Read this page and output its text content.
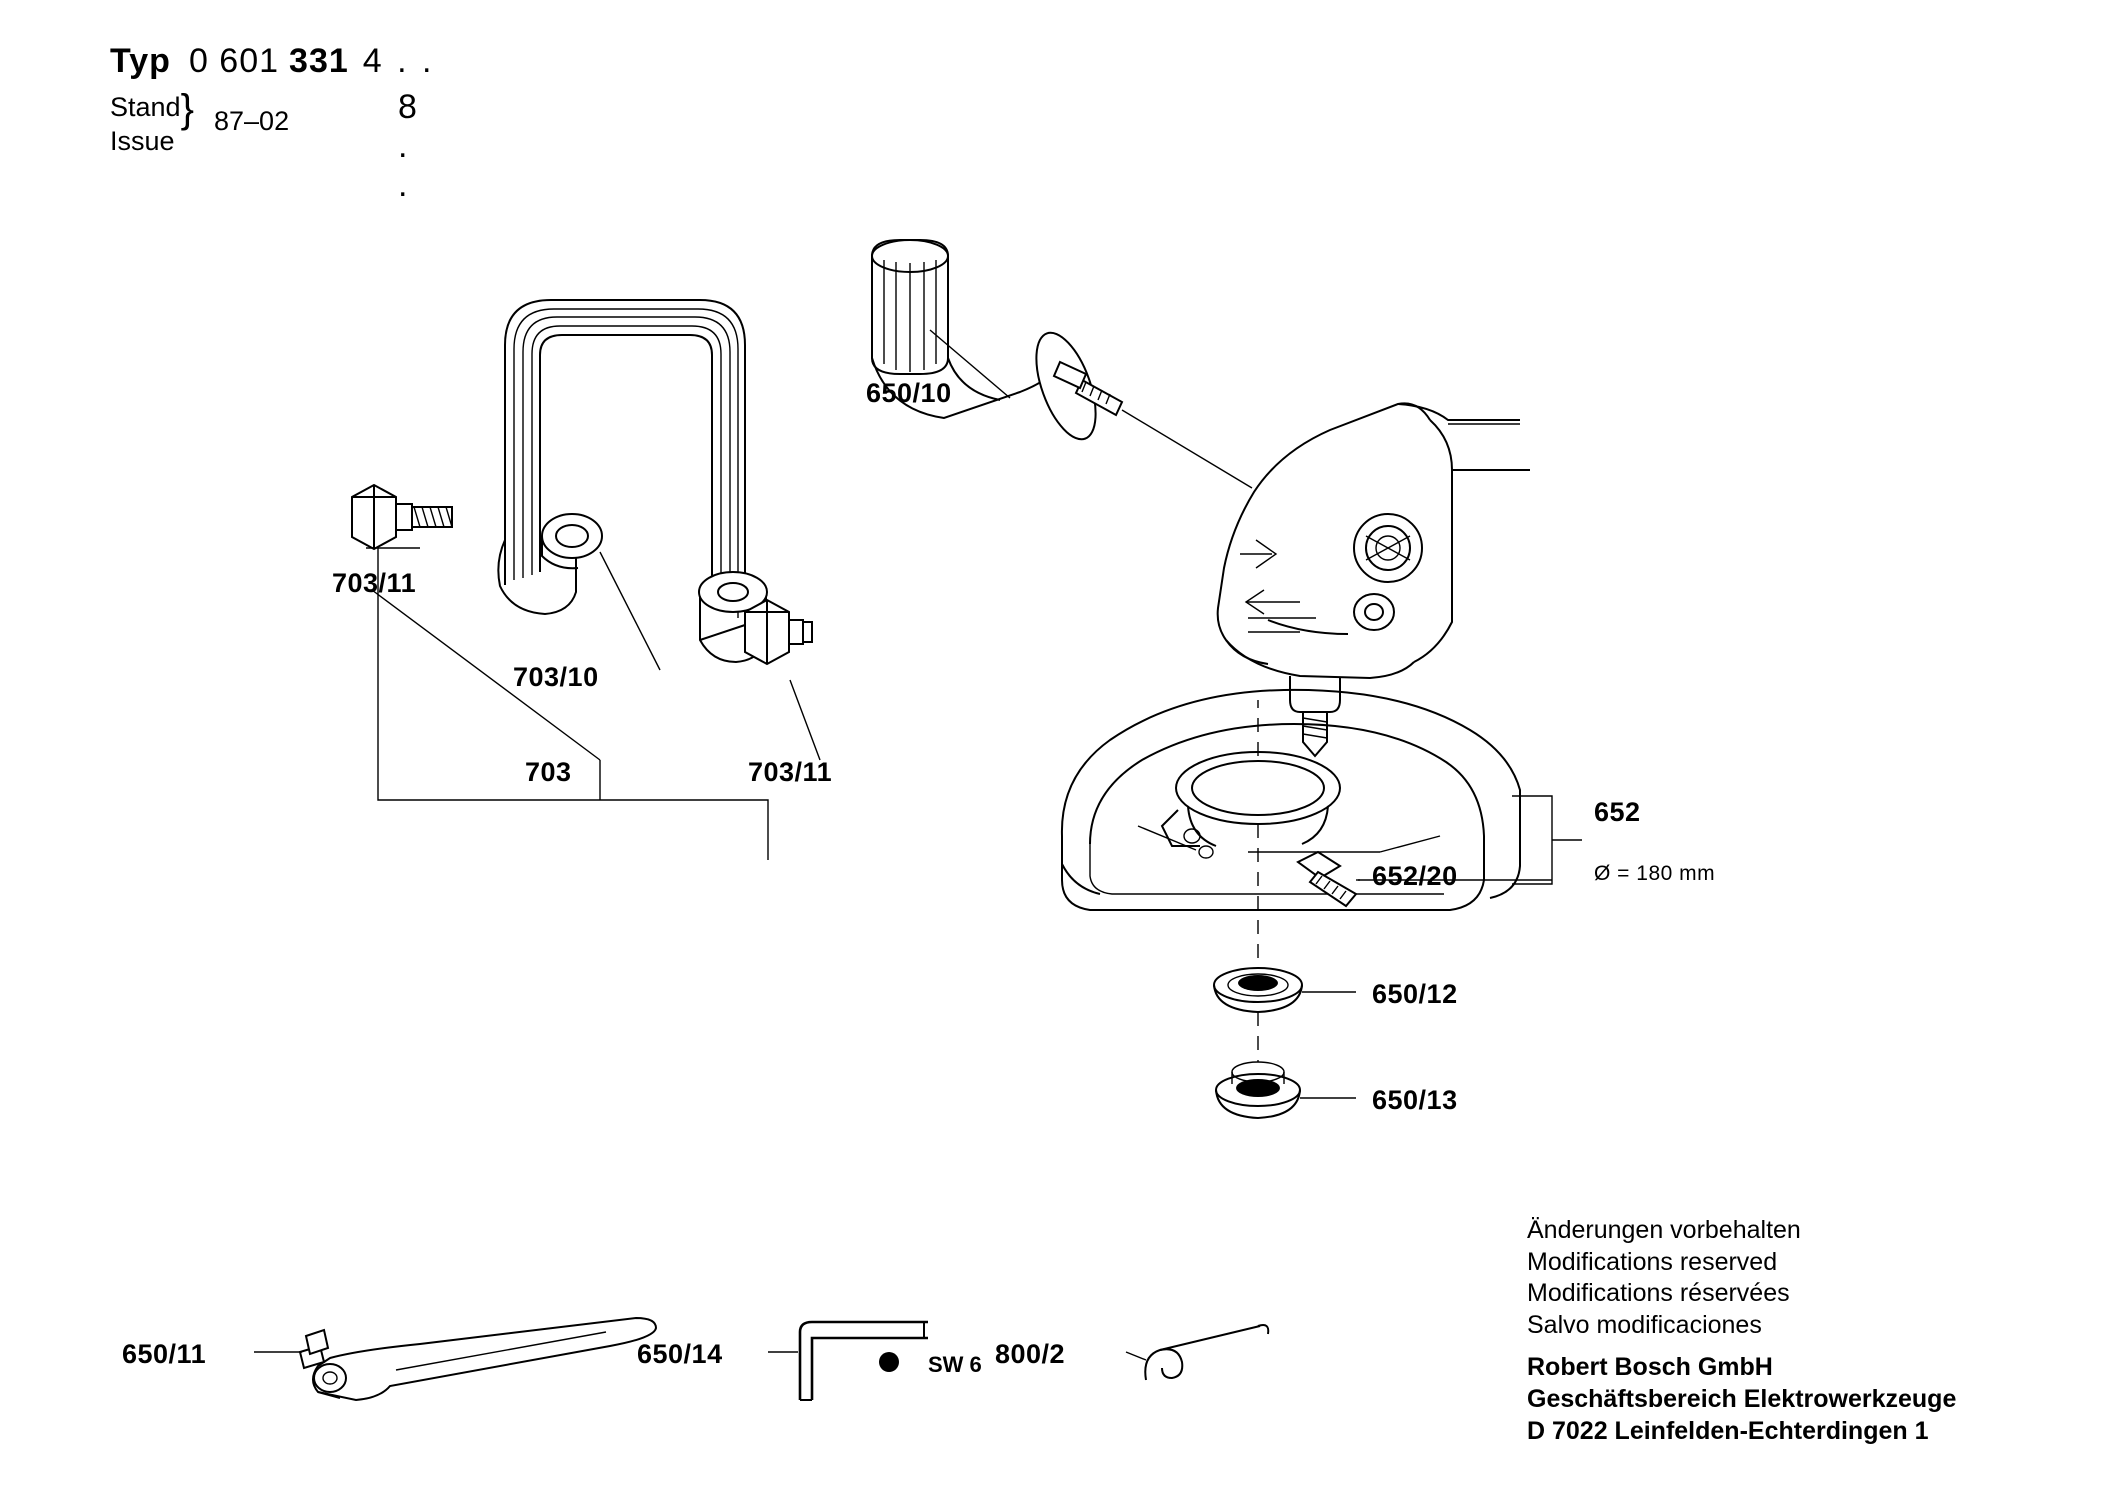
Typ 0 601 331 4 . .
8 . .
Stand}
Issue
87–02
650/10
703/11
703/10
703	703/11
652
Ø = 180 mm
652/20
650/12
650/13
650/11	650/14	SW 6 800/2
Änderungen vorbehalten
Modifications reserved
Modifications réservées
Salvo modificaciones
Robert Bosch GmbH
Geschäftsbereich Elektrowerkzeuge
D 7022 Leinfelden-Echterdingen 1
